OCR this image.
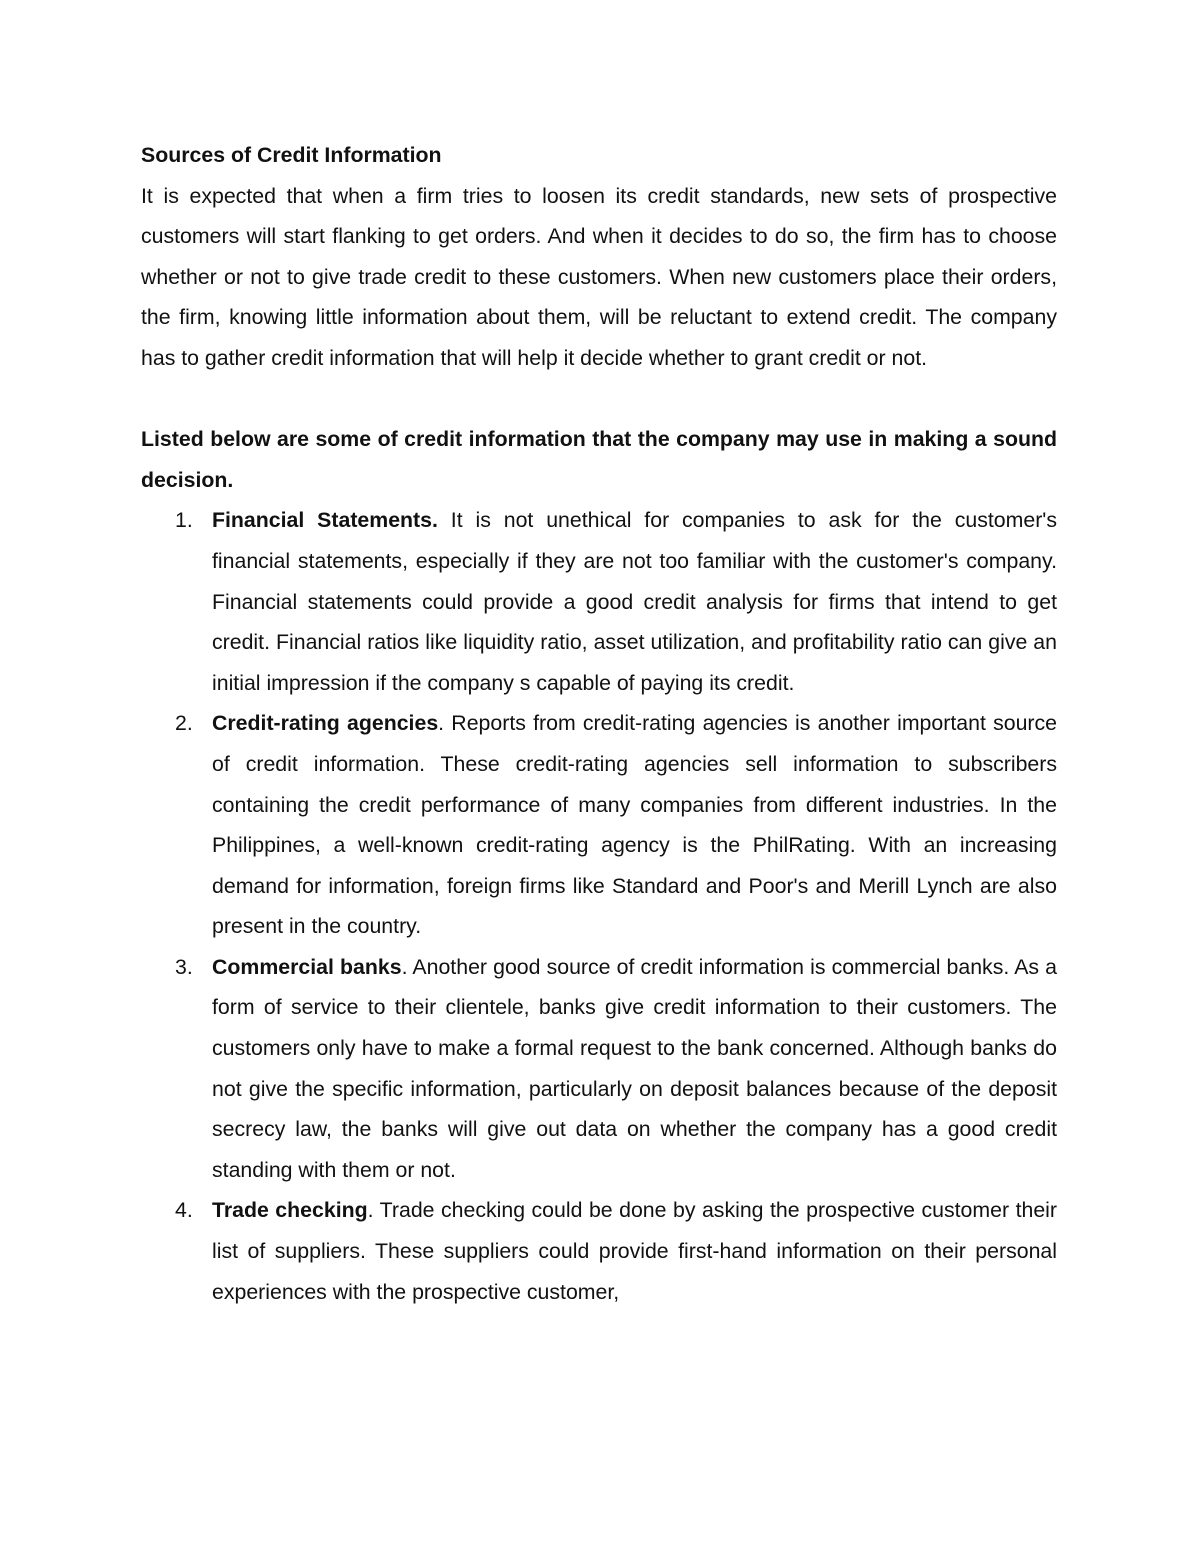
Sources of Credit Information

It is expected that when a firm tries to loosen its credit standards, new sets of prospective customers will start flanking to get orders. And when it decides to do so, the firm has to choose whether or not to give trade credit to these customers. When new customers place their orders, the firm, knowing little information about them, will be reluctant to extend credit. The company has to gather credit information that will help it decide whether to grant credit or not.

Listed below are some of credit information that the company may use in making a sound decision.

1. Financial Statements. It is not unethical for companies to ask for the customer's financial statements, especially if they are not too familiar with the customer's company. Financial statements could provide a good credit analysis for firms that intend to get credit. Financial ratios like liquidity ratio, asset utilization, and profitability ratio can give an initial impression if the company s capable of paying its credit.
2. Credit-rating agencies. Reports from credit-rating agencies is another important source of credit information. These credit-rating agencies sell information to subscribers containing the credit performance of many companies from different industries. In the Philippines, a well-known credit-rating agency is the PhilRating. With an increasing demand for information, foreign firms like Standard and Poor's and Merill Lynch are also present in the country.
3. Commercial banks. Another good source of credit information is commercial banks. As a form of service to their clientele, banks give credit information to their customers. The customers only have to make a formal request to the bank concerned. Although banks do not give the specific information, particularly on deposit balances because of the deposit secrecy law, the banks will give out data on whether the company has a good credit standing with them or not.
4. Trade checking. Trade checking could be done by asking the prospective customer their list of suppliers. These suppliers could provide first-hand information on their personal experiences with the prospective customer,
